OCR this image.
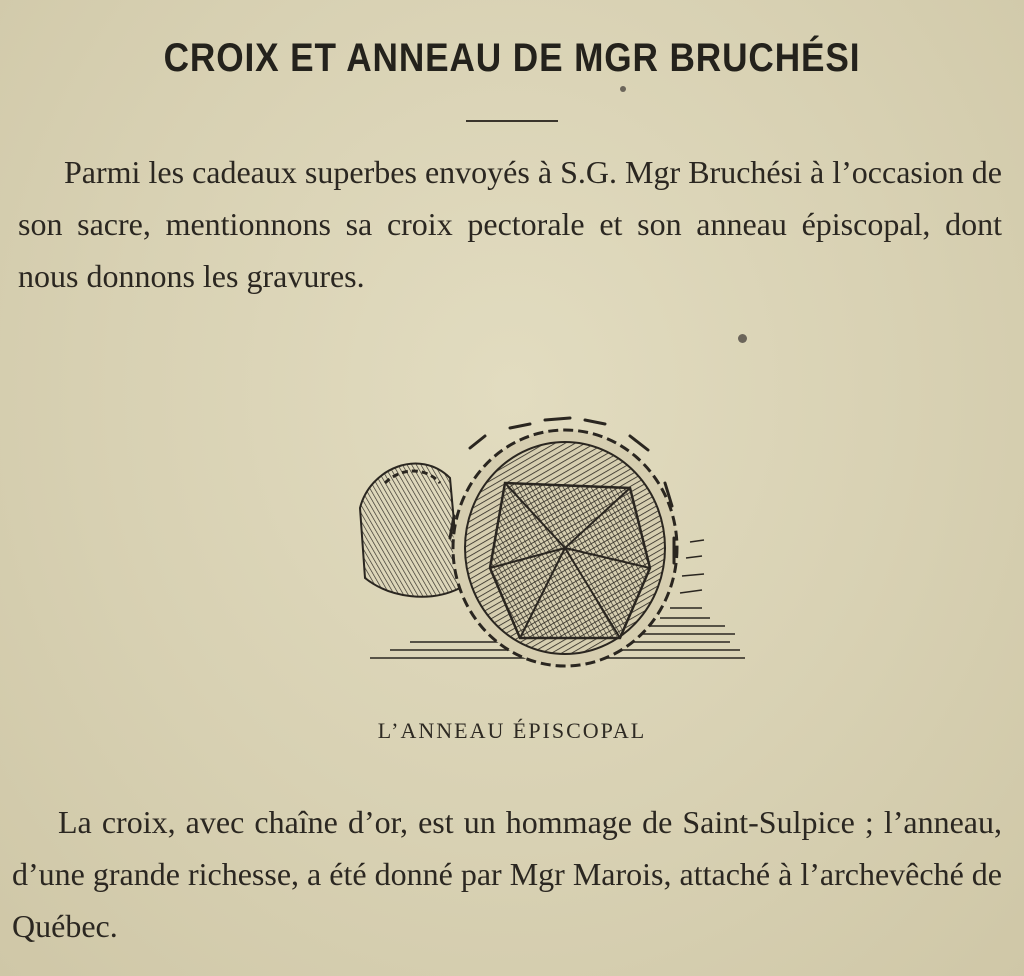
CROIX ET ANNEAU DE MGR BRUCHÉSI

Parmi les cadeaux superbes envoyés à S.G. Mgr Bruchési à l’occasion de son sacre, mentionnons sa croix pectorale et son anneau épiscopal, dont nous donnons les gravures.

L’ANNEAU ÉPISCOPAL

La croix, avec chaîne d’or, est un hommage de Saint-Sulpice ; l’anneau, d’une grande richesse, a été donné par Mgr Marois, attaché à l’archevêché de Québec.
